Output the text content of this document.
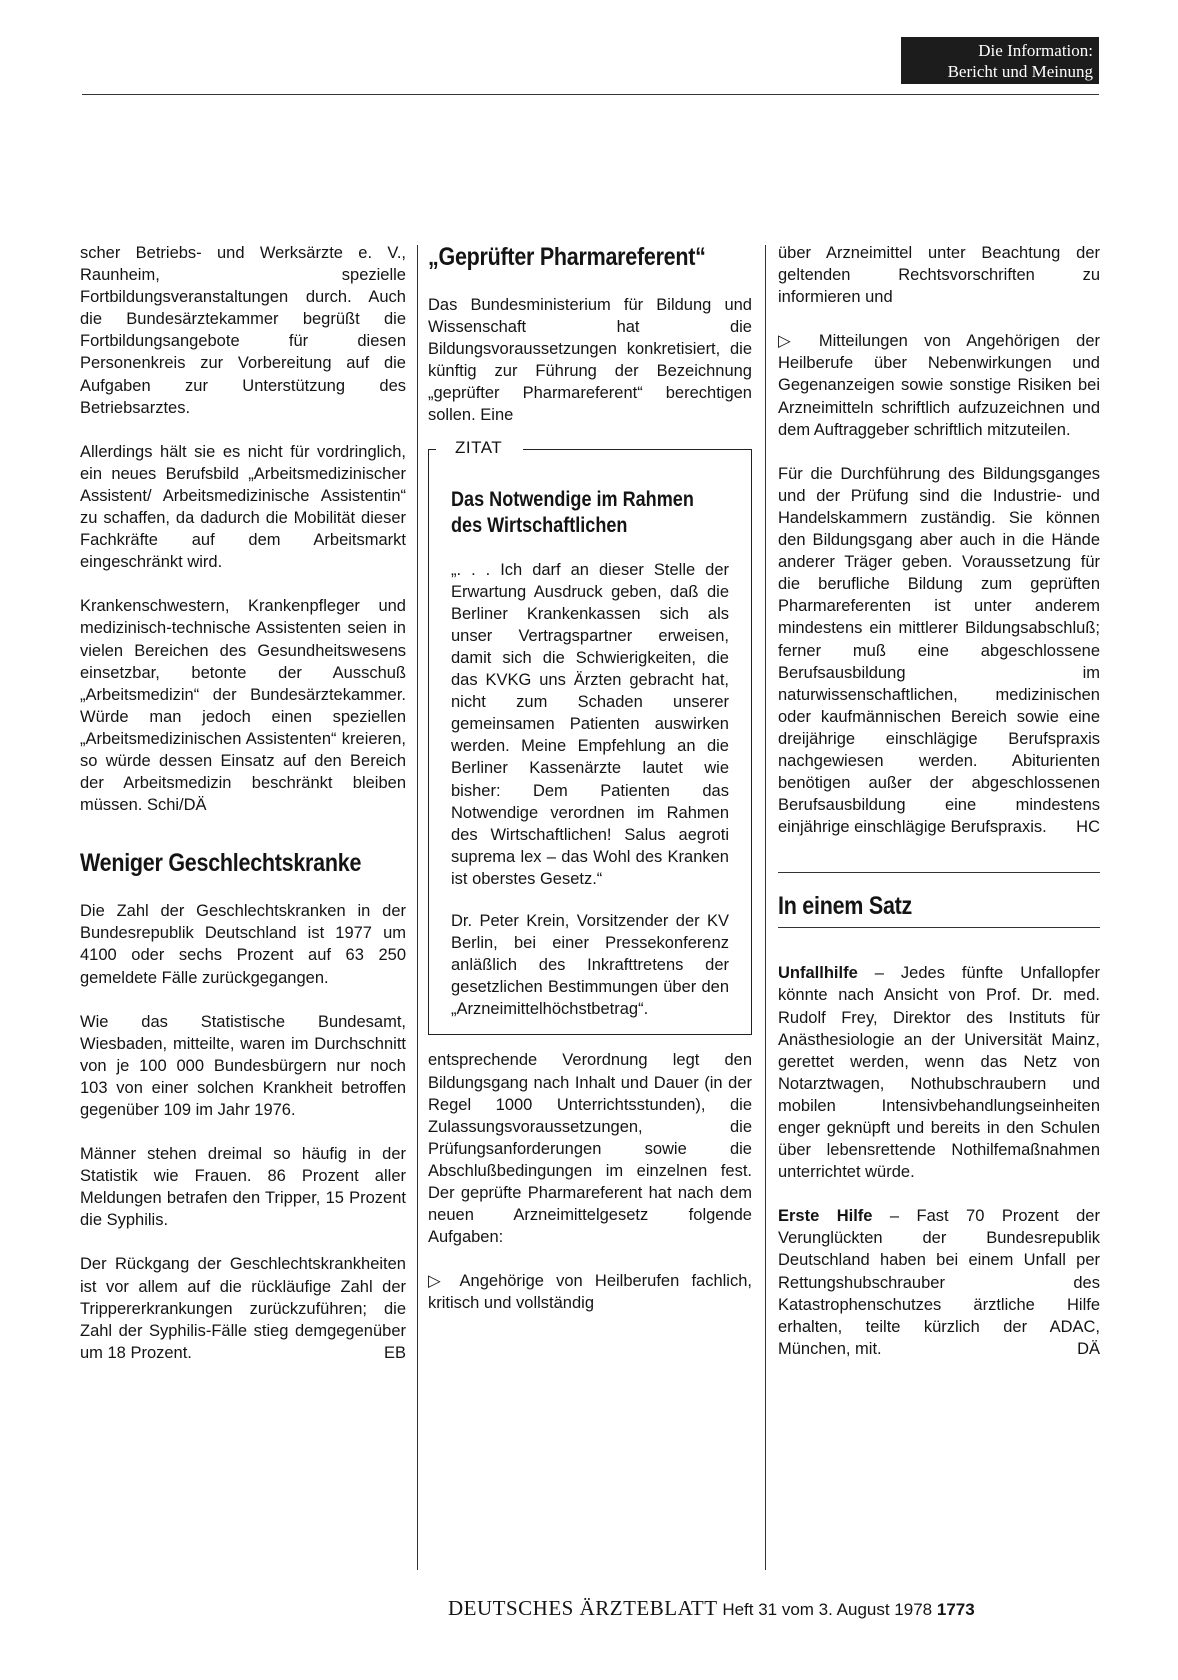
Die Information:
Bericht und Meinung

scher Betriebs- und Werksärzte e. V., Raunheim, spezielle Fortbildungsveranstaltungen durch. Auch die Bundesärztekammer begrüßt die Fortbildungsangebote für diesen Personenkreis zur Vorbereitung auf die Aufgaben zur Unterstützung des Betriebsarztes.

Allerdings hält sie es nicht für vordringlich, ein neues Berufsbild „Arbeitsmedizinischer Assistent/ Arbeitsmedizinische Assistentin“ zu schaffen, da dadurch die Mobilität dieser Fachkräfte auf dem Arbeitsmarkt eingeschränkt wird.

Krankenschwestern, Krankenpfleger und medizinisch-technische Assistenten seien in vielen Bereichen des Gesundheitswesens einsetzbar, betonte der Ausschuß „Arbeitsmedizin“ der Bundesärztekammer. Würde man jedoch einen speziellen „Arbeitsmedizinischen Assistenten“ kreieren, so würde dessen Einsatz auf den Bereich der Arbeitsmedizin beschränkt bleiben müssen. Schi/DÄ

Weniger Geschlechtskranke

Die Zahl der Geschlechtskranken in der Bundesrepublik Deutschland ist 1977 um 4100 oder sechs Prozent auf 63 250 gemeldete Fälle zurückgegangen.

Wie das Statistische Bundesamt, Wiesbaden, mitteilte, waren im Durchschnitt von je 100 000 Bundesbürgern nur noch 103 von einer solchen Krankheit betroffen gegenüber 109 im Jahr 1976.

Männer stehen dreimal so häufig in der Statistik wie Frauen. 86 Prozent aller Meldungen betrafen den Tripper, 15 Prozent die Syphilis.

Der Rückgang der Geschlechtskrankheiten ist vor allem auf die rückläufige Zahl der Trippererkrankungen zurückzuführen; die Zahl der Syphilis-Fälle stieg demgegenüber um 18 Prozent.	EB

„Geprüfter Pharmareferent“

Das Bundesministerium für Bildung und Wissenschaft hat die Bildungsvoraussetzungen konkretisiert, die künftig zur Führung der Bezeichnung „geprüfter Pharmareferent“ berechtigen sollen. Eine

ZITAT
Das Notwendige im Rahmen des Wirtschaftlichen

„. . . Ich darf an dieser Stelle der Erwartung Ausdruck geben, daß die Berliner Krankenkassen sich als unser Vertragspartner erweisen, damit sich die Schwierigkeiten, die das KVKG uns Ärzten gebracht hat, nicht zum Schaden unserer gemeinsamen Patienten auswirken werden. Meine Empfehlung an die Berliner Kassenärzte lautet wie bisher: Dem Patienten das Notwendige verordnen im Rahmen des Wirtschaftlichen! Salus aegroti suprema lex – das Wohl des Kranken ist oberstes Gesetz.“

Dr. Peter Krein, Vorsitzender der KV Berlin, bei einer Pressekonferenz anläßlich des Inkrafttretens der gesetzlichen Bestimmungen über den „Arzneimittelhöchstbetrag“.

entsprechende Verordnung legt den Bildungsgang nach Inhalt und Dauer (in der Regel 1000 Unterrichtsstunden), die Zulassungsvoraussetzungen, die Prüfungsanforderungen sowie die Abschlußbedingungen im einzelnen fest. Der geprüfte Pharmareferent hat nach dem neuen Arzneimittelgesetz folgende Aufgaben:

▷ Angehörige von Heilberufen fachlich, kritisch und vollständig

über Arzneimittel unter Beachtung der geltenden Rechtsvorschriften zu informieren und

▷ Mitteilungen von Angehörigen der Heilberufe über Nebenwirkungen und Gegenanzeigen sowie sonstige Risiken bei Arzneimitteln schriftlich aufzuzeichnen und dem Auftraggeber schriftlich mitzuteilen.

Für die Durchführung des Bildungsganges und der Prüfung sind die Industrie- und Handelskammern zuständig. Sie können den Bildungsgang aber auch in die Hände anderer Träger geben. Voraussetzung für die berufliche Bildung zum geprüften Pharmareferenten ist unter anderem mindestens ein mittlerer Bildungsabschluß; ferner muß eine abgeschlossene Berufsausbildung im naturwissenschaftlichen, medizinischen oder kaufmännischen Bereich sowie eine dreijährige einschlägige Berufspraxis nachgewiesen werden. Abiturienten benötigen außer der abgeschlossenen Berufsausbildung eine mindestens einjährige einschlägige Berufspraxis. HC

In einem Satz

Unfallhilfe – Jedes fünfte Unfallopfer könnte nach Ansicht von Prof. Dr. med. Rudolf Frey, Direktor des Instituts für Anästhesiologie an der Universität Mainz, gerettet werden, wenn das Netz von Notarztwagen, Nothubschraubern und mobilen Intensivbehandlungseinheiten enger geknüpft und bereits in den Schulen über lebensrettende Nothilfemaßnahmen unterrichtet würde.

Erste Hilfe – Fast 70 Prozent der Verunglückten der Bundesrepublik Deutschland haben bei einem Unfall per Rettungshubschrauber des Katastrophenschutzes ärztliche Hilfe erhalten, teilte kürzlich der ADAC, München, mit.	DÄ

DEUTSCHES ÄRZTEBLATT Heft 31 vom 3. August 1978 1773
